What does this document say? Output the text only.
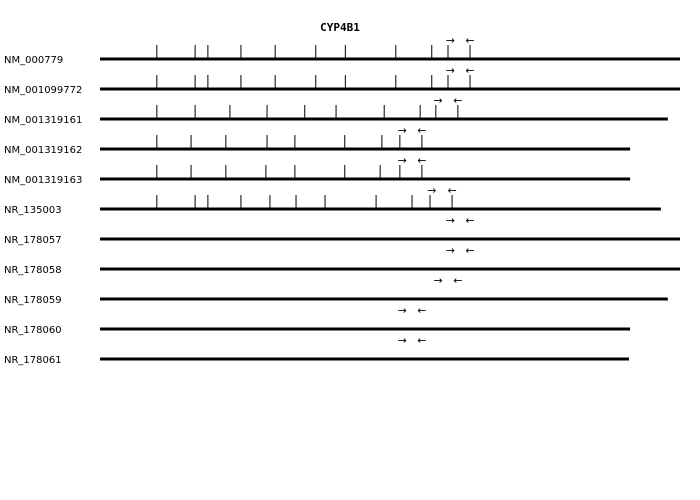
CYP4B1
NM_000779
→ ←
NM_001099772
→ ←
NM_001319161
→ ←
NM_001319162
→ ←
NM_001319163
→ ←
NR_135003
→ ←
NR_178057
→ ←
NR_178058
→ ←
NR_178059
→ ←
NR_178060
→ ←
NR_178061
→ ←
